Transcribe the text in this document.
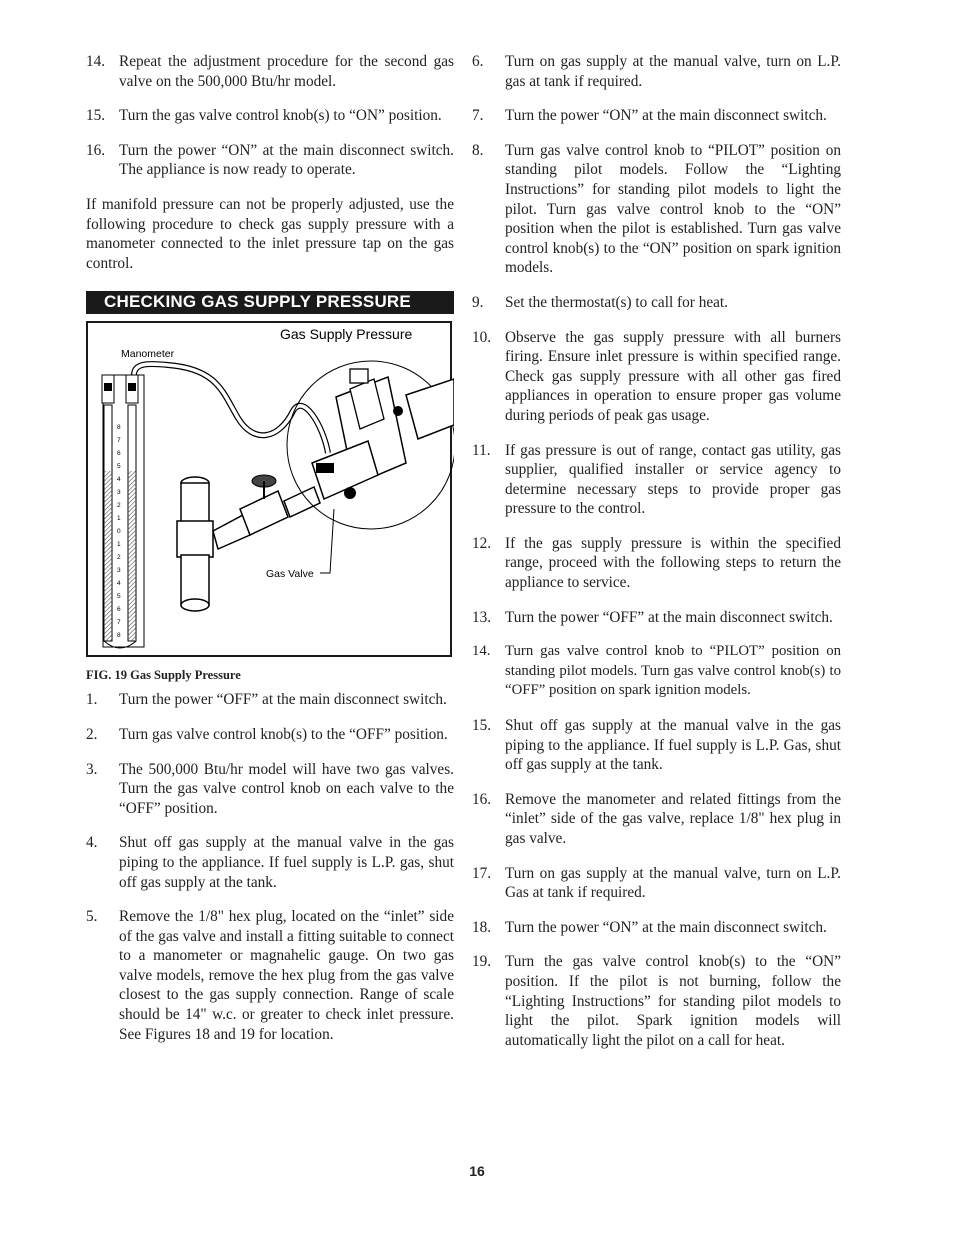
14. Repeat the adjustment procedure for the second gas valve on the 500,000 Btu/hr model.
15. Turn the gas valve control knob(s) to “ON” position.
16. Turn the power “ON” at the main disconnect switch. The appliance is now ready to operate.
If manifold pressure can not be properly adjusted, use the following procedure to check gas supply pressure with a manometer connected to the inlet pressure tap on the gas control.
CHECKING GAS SUPPLY PRESSURE
Gas Supply Pressure
Manometer
8
7
6
5
4
3
2
1
0
1
2
3
4
5
6
7
8
Gas Valve
FIG. 19 Gas Supply Pressure
1.	Turn the power “OFF” at the main disconnect switch.
2.	Turn gas valve control knob(s) to the “OFF” position.
3.	The 500,000 Btu/hr model will have two gas valves. Turn the gas valve control knob on each valve to the “OFF” position.
4.	Shut off gas supply at the manual valve in the gas piping to the appliance. If fuel supply is L.P. gas, shut off gas supply at the tank.
5.	Remove the 1/8" hex plug, located on the “inlet” side of the gas valve and install a fitting suitable to connect to a manometer or magnahelic gauge. On two gas valve models, remove the hex plug from the gas valve closest to the gas supply connection. Range of scale should be 14" w.c. or greater to check inlet pressure. See Figures 18 and 19 for location.
6.	Turn on gas supply at the manual valve, turn on L.P. gas at tank if required.
7.	Turn the power “ON” at the main disconnect switch.
8.	Turn gas valve control knob to “PILOT” position on standing pilot models. Follow the “Lighting Instructions” for standing pilot models to light the pilot. Turn gas valve control knob to the “ON” position when the pilot is established. Turn gas valve control knob(s) to the “ON” position on spark ignition models.
9.	Set the thermostat(s) to call for heat.
10. Observe the gas supply pressure with all burners firing. Ensure inlet pressure is within specified range. Check gas supply pressure with all other gas fired appliances in operation to ensure proper gas volume during periods of peak gas usage.
11. If gas pressure is out of range, contact gas utility, gas supplier, qualified installer or service agency to determine necessary steps to provide proper gas pressure to the control.
12. If the gas supply pressure is within the specified range, proceed with the following steps to return the appliance to service.
13. Turn the power “OFF” at the main disconnect switch.
14. Turn gas valve control knob to “PILOT” position on standing pilot models. Turn gas valve control knob(s) to “OFF” position on spark ignition models.
15. Shut off gas supply at the manual valve in the gas piping to the appliance. If fuel supply is L.P. Gas, shut off gas supply at the tank.
16. Remove the manometer and related fittings from the “inlet” side of the gas valve, replace 1/8" hex plug in gas valve.
17. Turn on gas supply at the manual valve, turn on L.P. Gas at tank if required.
18. Turn the power “ON” at the main disconnect switch.
19. Turn the gas valve control knob(s) to the “ON” position. If the pilot is not burning, follow the “Lighting Instructions” for standing pilot models to light the pilot. Spark ignition models will automatically light the pilot on a call for heat.
16
